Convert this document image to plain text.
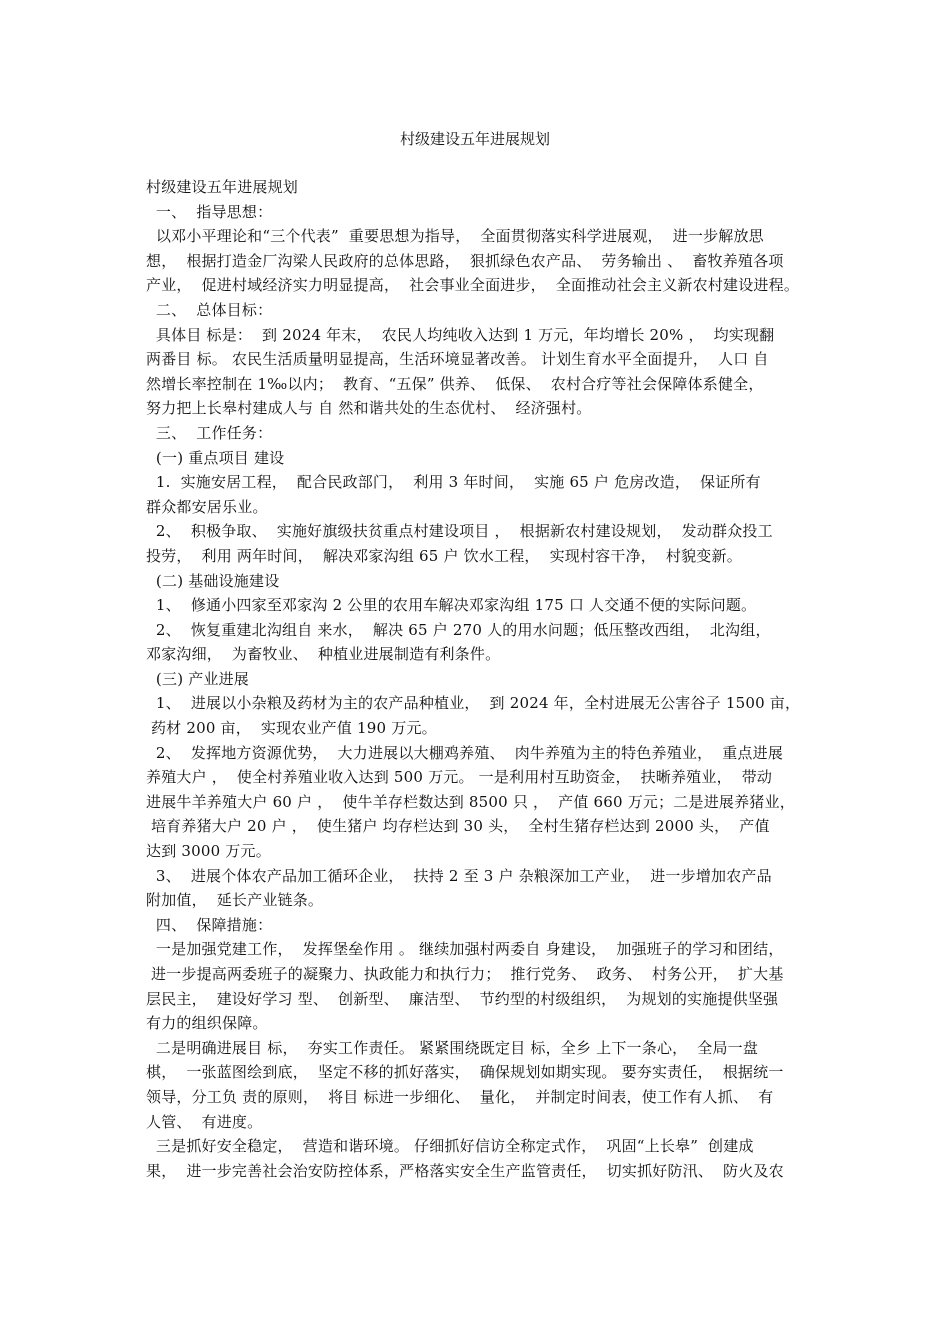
村级建设五年进展规划

村级建设五年进展规划

一、  指导思想：

以邓小平理论和“三个代表”  重要思想为指导，  全面贯彻落实科学进展观，  进一步解放思

想，  根据打造金厂沟梁人民政府的总体思路，  狠抓绿色农产品、  劳务输出 、  畜牧养殖各项

产业，  促进村域经济实力明显提高，  社会事业全面进步，  全面推动社会主义新农村建设进程。

二、  总体目标：

具体目 标是：  到 2024 年末，  农民人均纯收入达到 1 万元，年均增长 20% ，  均实现翻

两番目 标。 农民生活质量明显提高，生活环境显著改善。 计划生育水平全面提升，  人口 自

然增长率控制在 1‰以内；  教育、“五保” 供养、  低保、  农村合疗等社会保障体系健全，

努力把上长皋村建成人与 自 然和谐共处的生态优村、  经济强村。

三、  工作任务：

(一) 重点项目 建设

1.  实施安居工程，  配合民政部门，  利用 3 年时间，  实施 65 户 危房改造，  保证所有

群众都安居乐业。

2、  积极争取、  实施好旗级扶贫重点村建设项目 ，  根据新农村建设规划，  发动群众投工

投劳，  利用 两年时间，  解决邓家沟组 65 户 饮水工程，  实现村容干净，  村貌变新。

(二) 基础设施建设

1、  修通小四家至邓家沟 2 公里的农用车解决邓家沟组 175 口 人交通不便的实际问题。

2、  恢复重建北沟组自 来水，  解决 65 户 270 人的用水问题；低压整改西组，  北沟组，

邓家沟细，  为畜牧业、  种植业进展制造有利条件。

(三) 产业进展

1、  进展以小杂粮及药材为主的农产品种植业，  到 2024 年，全村进展无公害谷子 1500 亩，

药材 200 亩，  实现农业产值 190 万元。

2、  发挥地方资源优势，  大力进展以大棚鸡养殖、  肉牛养殖为主的特色养殖业，  重点进展

养殖大户 ，  使全村养殖业收入达到 500 万元。 一是利用村互助资金，  扶晰养殖业，  带动

进展牛羊养殖大户 60 户 ，  使牛羊存栏数达到 8500 只 ，  产值 660 万元；二是进展养猪业，

培育养猪大户 20 户 ，  使生猪户 均存栏达到 30 头，  全村生猪存栏达到 2000 头，  产值

达到 3000 万元。

3、  进展个体农产品加工循环企业，  扶持 2 至 3 户 杂粮深加工产业，  进一步增加农产品

附加值，  延长产业链条。

四、  保障措施：

一是加强党建工作，  发挥堡垒作用 。 继续加强村两委自 身建设，  加强班子的学习和团结，

进一步提高两委班子的凝聚力、执政能力和执行力；  推行党务、  政务、  村务公开，  扩大基

层民主，  建设好学习 型、  创新型、  廉洁型、  节约型的村级组织，  为规划的实施提供坚强

有力的组织保障。

二是明确进展目 标，  夯实工作责任。 紧紧围绕既定目 标，全乡 上下一条心，  全局一盘

棋，  一张蓝图绘到底，  坚定不移的抓好落实，  确保规划如期实现。 要夯实责任，  根据统一

领导，分工负 责的原则，  将目 标进一步细化、  量化，  并制定时间表，使工作有人抓、  有

人管、  有进度。

三是抓好安全稳定，  营造和谐环境。 仔细抓好信访全称定式作，  巩固“上长皋”  创建成

果，  进一步完善社会治安防控体系，严格落实安全生产监管责任，  切实抓好防汛、  防火及农
